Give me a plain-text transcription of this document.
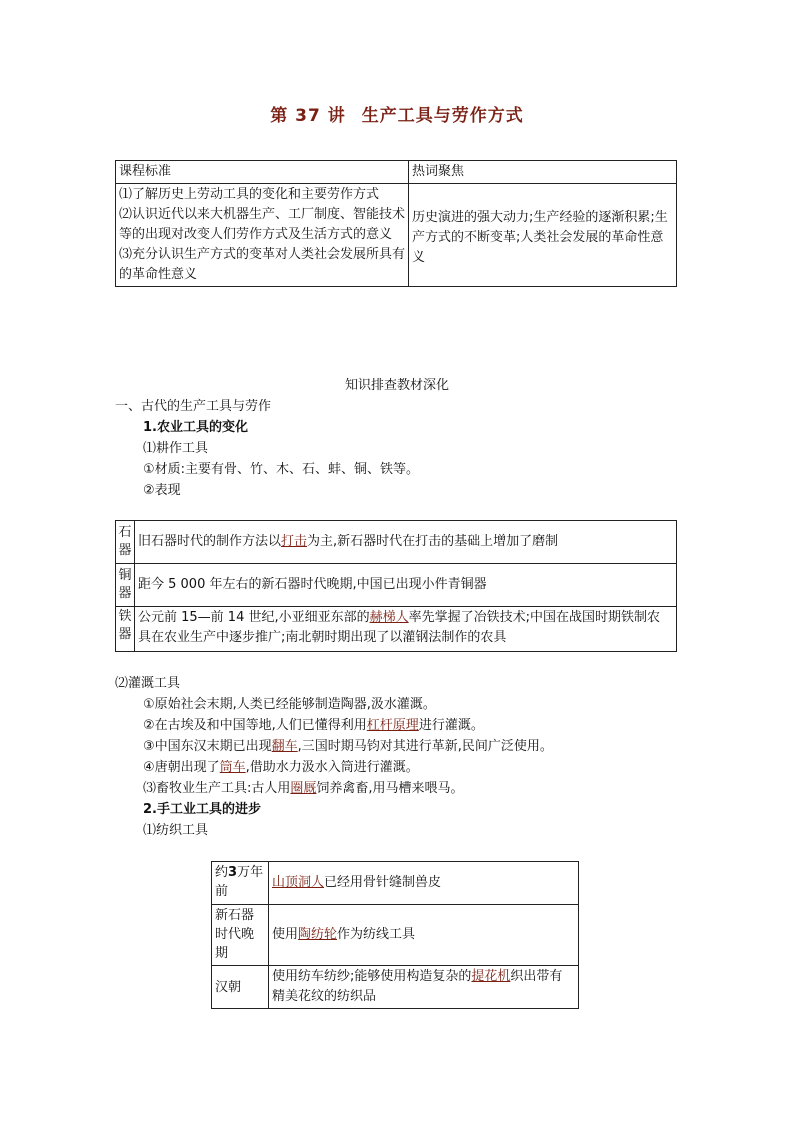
第 37 讲 生产工具与劳作方式
课程标准	热词聚焦

⑴了解历史上劳动工具的变化和主要劳作方式
⑵认识近代以来大机器生产、工厂制度、智能技术等的出现对改变人们劳作方式及生活方式的意义
⑶充分认识生产方式的变革对人类社会发展所具有的革命性意义	历史演进的强大动力;生产经验的逐渐积累;生产方式的不断变革;人类社会发展的革命性意义
知识排查教材深化
一、古代的生产工具与劳作
1.农业工具的变化
⑴耕作工具
①材质:主要有骨、竹、木、石、蚌、铜、铁等。
②表现
石器	旧石器时代的制作方法以打击为主,新石器时代在打击的基础上增加了磨制
铜器	距今 5 000 年左右的新石器时代晚期,中国已出现小件青铜器
铁器	公元前 15—前 14 世纪,小亚细亚东部的赫梯人率先掌握了冶铁技术;中国在战国时期铁制农具在农业生产中逐步推广;南北朝时期出现了以灌钢法制作的农具
⑵灌溉工具
①原始社会末期,人类已经能够制造陶器,汲水灌溉。
②在古埃及和中国等地,人们已懂得利用杠杆原理进行灌溉。
③中国东汉末期已出现翻车,三国时期马钧对其进行革新,民间广泛使用。
④唐朝出现了筒车,借助水力汲水入筒进行灌溉。
⑶畜牧业生产工具:古人用圈厩饲养禽畜,用马槽来喂马。
2.手工业工具的进步
⑴纺织工具
约3万年前	山顶洞人已经用骨针缝制兽皮
新石器时代晚期	使用陶纺轮作为纺线工具
汉朝	使用纺车纺纱;能够使用构造复杂的提花机织出带有精美花纹的纺织品
